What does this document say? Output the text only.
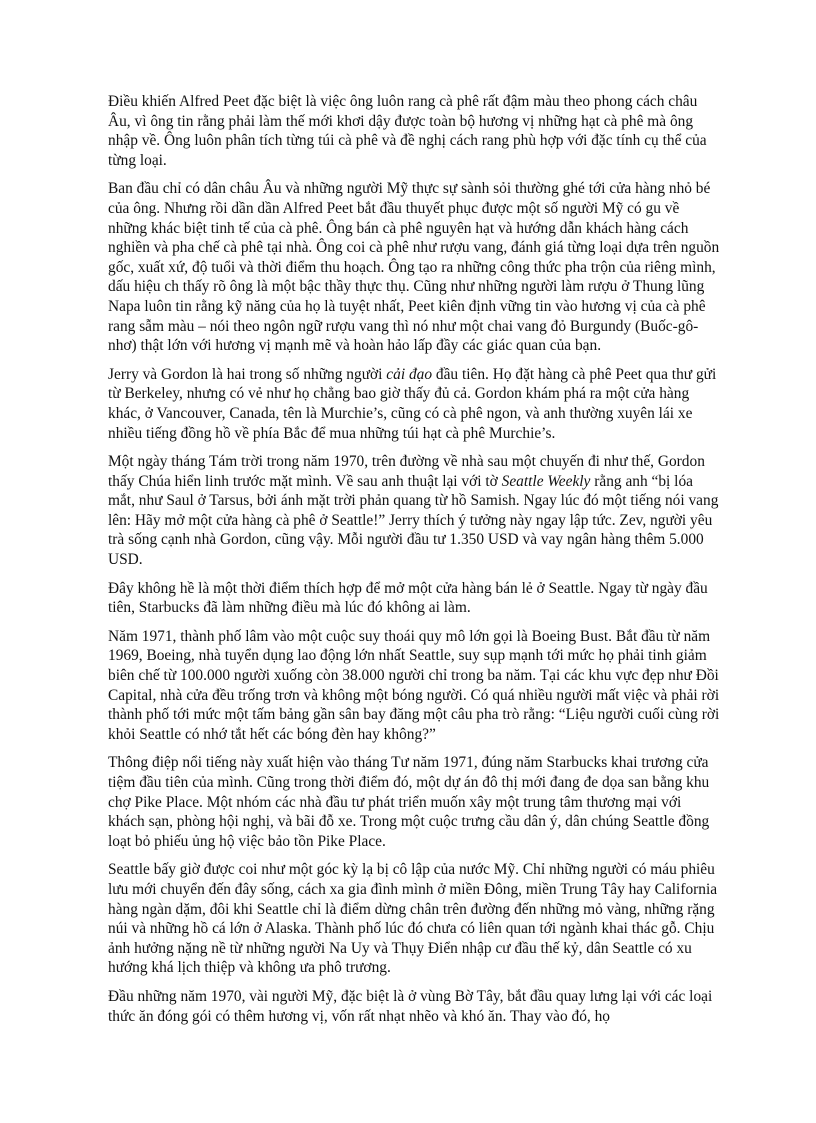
Điều khiến Alfred Peet đặc biệt là việc ông luôn rang cà phê rất đậm màu theo phong cách châu Âu, vì ông tin rằng phải làm thế mới khơi dậy được toàn bộ hương vị những hạt cà phê mà ông nhập về. Ông luôn phân tích từng túi cà phê và đề nghị cách rang phù hợp với đặc tính cụ thể của từng loại.

Ban đầu chỉ có dân châu Âu và những người Mỹ thực sự sành sỏi thường ghé tới cửa hàng nhỏ bé của ông. Nhưng rồi dần dần Alfred Peet bắt đầu thuyết phục được một số người Mỹ có gu về những khác biệt tinh tế của cà phê. Ông bán cà phê nguyên hạt và hướng dẫn khách hàng cách nghiền và pha chế cà phê tại nhà. Ông coi cà phê như rượu vang, đánh giá từng loại dựa trên nguồn gốc, xuất xứ, độ tuổi và thời điểm thu hoạch. Ông tạo ra những công thức pha trộn của riêng mình, dấu hiệu ch thấy rõ ông là một bậc thầy thực thụ. Cũng như những người làm rượu ở Thung lũng Napa luôn tin rằng kỹ năng của họ là tuyệt nhất, Peet kiên định vững tin vào hương vị của cà phê rang sẫm màu – nói theo ngôn ngữ rượu vang thì nó như một chai vang đỏ Burgundy (Buốc-gô-nhơ) thật lớn với hương vị mạnh mẽ và hoàn hảo lấp đầy các giác quan của bạn.

Jerry và Gordon là hai trong số những người cải đạo đầu tiên. Họ đặt hàng cà phê Peet qua thư gửi từ Berkeley, nhưng có vẻ như họ chẳng bao giờ thấy đủ cả. Gordon khám phá ra một cửa hàng khác, ở Vancouver, Canada, tên là Murchie’s, cũng có cà phê ngon, và anh thường xuyên lái xe nhiều tiếng đồng hồ về phía Bắc để mua những túi hạt cà phê Murchie’s.

Một ngày tháng Tám trời trong năm 1970, trên đường về nhà sau một chuyến đi như thế, Gordon thấy Chúa hiển linh trước mặt mình. Về sau anh thuật lại với tờ Seattle Weekly rằng anh “bị lóa mắt, như Saul ở Tarsus, bởi ánh mặt trời phản quang từ hồ Samish. Ngay lúc đó một tiếng nói vang lên: Hãy mở một cửa hàng cà phê ở Seattle!” Jerry thích ý tưởng này ngay lập tức. Zev, người yêu trà sống cạnh nhà Gordon, cũng vậy. Mỗi người đầu tư 1.350 USD và vay ngân hàng thêm 5.000 USD.

Đây không hề là một thời điểm thích hợp để mở một cửa hàng bán lẻ ở Seattle. Ngay từ ngày đầu tiên, Starbucks đã làm những điều mà lúc đó không ai làm.

Năm 1971, thành phố lâm vào một cuộc suy thoái quy mô lớn gọi là Boeing Bust. Bắt đầu từ năm 1969, Boeing, nhà tuyển dụng lao động lớn nhất Seattle, suy sụp mạnh tới mức họ phải tinh giảm biên chế từ 100.000 người xuống còn 38.000 người chỉ trong ba năm. Tại các khu vực đẹp như Đồi Capital, nhà cửa đều trống trơn và không một bóng người. Có quá nhiều người mất việc và phải rời thành phố tới mức một tấm bảng gần sân bay đăng một câu pha trò rằng: “Liệu người cuối cùng rời khỏi Seattle có nhớ tắt hết các bóng đèn hay không?”

Thông điệp nổi tiếng này xuất hiện vào tháng Tư năm 1971, đúng năm Starbucks khai trương cửa tiệm đầu tiên của mình. Cũng trong thời điểm đó, một dự án đô thị mới đang đe dọa san bằng khu chợ Pike Place. Một nhóm các nhà đầu tư phát triển muốn xây một trung tâm thương mại với khách sạn, phòng hội nghị, và bãi đỗ xe. Trong một cuộc trưng cầu dân ý, dân chúng Seattle đồng loạt bỏ phiếu ủng hộ việc bảo tồn Pike Place.

Seattle bấy giờ được coi như một góc kỳ lạ bị cô lập của nước Mỹ. Chỉ những người có máu phiêu lưu mới chuyển đến đây sống, cách xa gia đình mình ở miền Đông, miền Trung Tây hay California hàng ngàn dặm, đôi khi Seattle chỉ là điểm dừng chân trên đường đến những mỏ vàng, những rặng núi và những hồ cá lớn ở Alaska. Thành phố lúc đó chưa có liên quan tới ngành khai thác gỗ. Chịu ảnh hưởng nặng nề từ những người Na Uy và Thụy Điển nhập cư đầu thế kỷ, dân Seattle có xu hướng khá lịch thiệp và không ưa phô trương.

Đầu những năm 1970, vài người Mỹ, đặc biệt là ở vùng Bờ Tây, bắt đầu quay lưng lại với các loại thức ăn đóng gói có thêm hương vị, vốn rất nhạt nhẽo và khó ăn. Thay vào đó, họ
